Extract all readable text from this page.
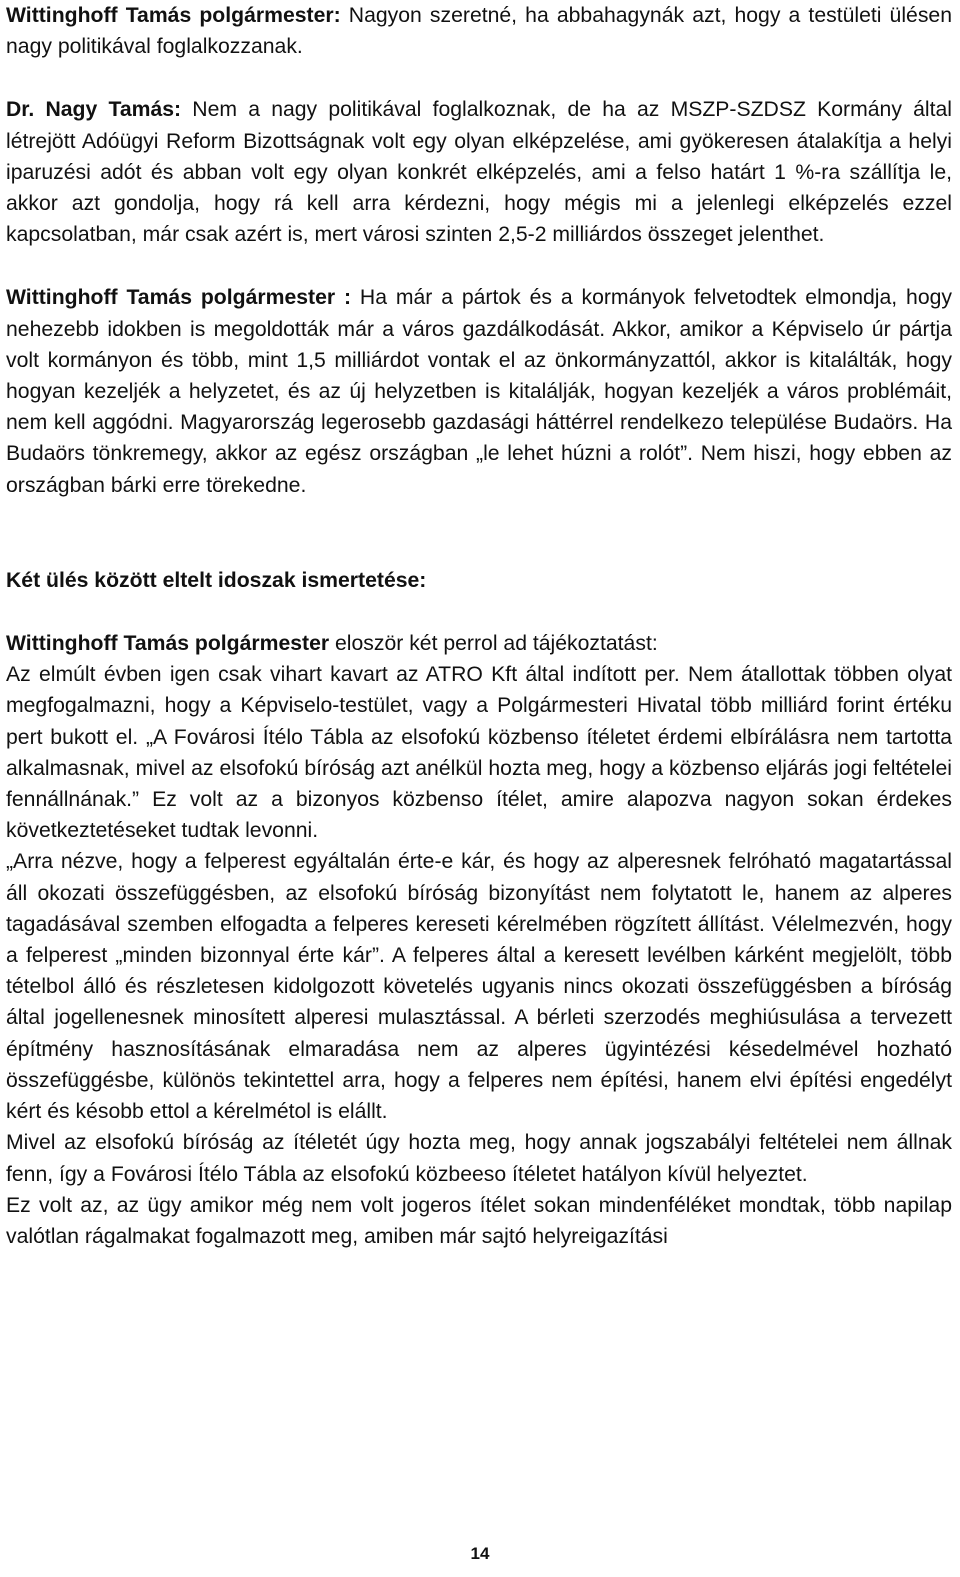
Wittinghoff Tamás polgármester: Nagyon szeretné, ha abbahagynák azt, hogy a testületi ülésen nagy politikával foglalkozzanak.

Dr. Nagy Tamás: Nem a nagy politikával foglalkoznak, de ha az MSZP-SZDSZ Kormány által létrejött Adóügyi Reform Bizottságnak volt egy olyan elképzelése, ami gyökeresen átalakítja a helyi iparuzési adót és abban volt egy olyan konkrét elképzelés, ami a felso határt 1 %-ra szállítja le, akkor azt gondolja, hogy rá kell arra kérdezni, hogy mégis mi a jelenlegi elképzelés ezzel kapcsolatban, már csak azért is, mert városi szinten 2,5-2 milliárdos összeget jelenthet.

Wittinghoff Tamás polgármester : Ha már a pártok és a kormányok felvetodtek elmondja, hogy nehezebb idokben is megoldották már a város gazdálkodását. Akkor, amikor a Képviselo úr pártja volt kormányon és több, mint 1,5 milliárdot vontak el az önkormányzattól, akkor is kitalálták, hogy hogyan kezeljék a helyzetet, és az új helyzetben is kitalálják, hogyan kezeljék a város problémáit, nem kell aggódni. Magyarország legerosebb gazdasági háttérrel rendelkezo települése Budaörs. Ha Budaörs tönkremegy, akkor az egész országban „le lehet húzni a rolót”. Nem hiszi, hogy ebben az országban bárki erre törekedne.

Két ülés között eltelt idoszak ismertetése:

Wittinghoff Tamás polgármester eloször két perrol ad tájékoztatást:

Az elmúlt évben igen csak vihart kavart az ATRO Kft által indított per. Nem átallottak többen olyat megfogalmazni, hogy a Képviselo-testület, vagy a Polgármesteri Hivatal több milliárd forint értéku pert bukott el. „A Fovárosi Ítélo Tábla az elsofokú közbenso ítéletet érdemi elbírálásra nem tartotta alkalmasnak, mivel az elsofokú bíróság azt anélkül hozta meg, hogy a közbenso eljárás jogi feltételei fennállnának.” Ez volt az a bizonyos közbenso ítélet, amire alapozva nagyon sokan érdekes következtetéseket tudtak levonni.

„Arra nézve, hogy a felperest egyáltalán érte-e kár, és hogy az alperesnek felróható magatartással áll okozati összefüggésben, az elsofokú bíróság bizonyítást nem folytatott le, hanem az alperes tagadásával szemben elfogadta a felperes kereseti kérelmében rögzített állítást. Vélelmezvén, hogy a felperest „minden bizonnyal érte kár”. A felperes által a keresett levélben kárként megjelölt, több tételbol álló és részletesen kidolgozott követelés ugyanis nincs okozati összefüggésben a bíróság által jogellenesnek minosített alperesi mulasztással. A bérleti szerzodés meghiúsulása a tervezett építmény hasznosításának elmaradása nem az alperes ügyintézési késedelmével hozható összefüggésbe, különös tekintettel arra, hogy a felperes nem építési, hanem elvi építési engedélyt kért és késobb ettol a kérelmétol is elállt.

Mivel az elsofokú bíróság az ítéletét úgy hozta meg, hogy annak jogszabályi feltételei nem állnak fenn, így a Fovárosi Ítélo Tábla az elsofokú közbeeso ítéletet hatályon kívül helyeztet.

Ez volt az, az ügy amikor még nem volt jogeros ítélet sokan mindenféléket mondtak, több napilap valótlan rágalmakat fogalmazott meg, amiben már sajtó helyreigazítási

14
